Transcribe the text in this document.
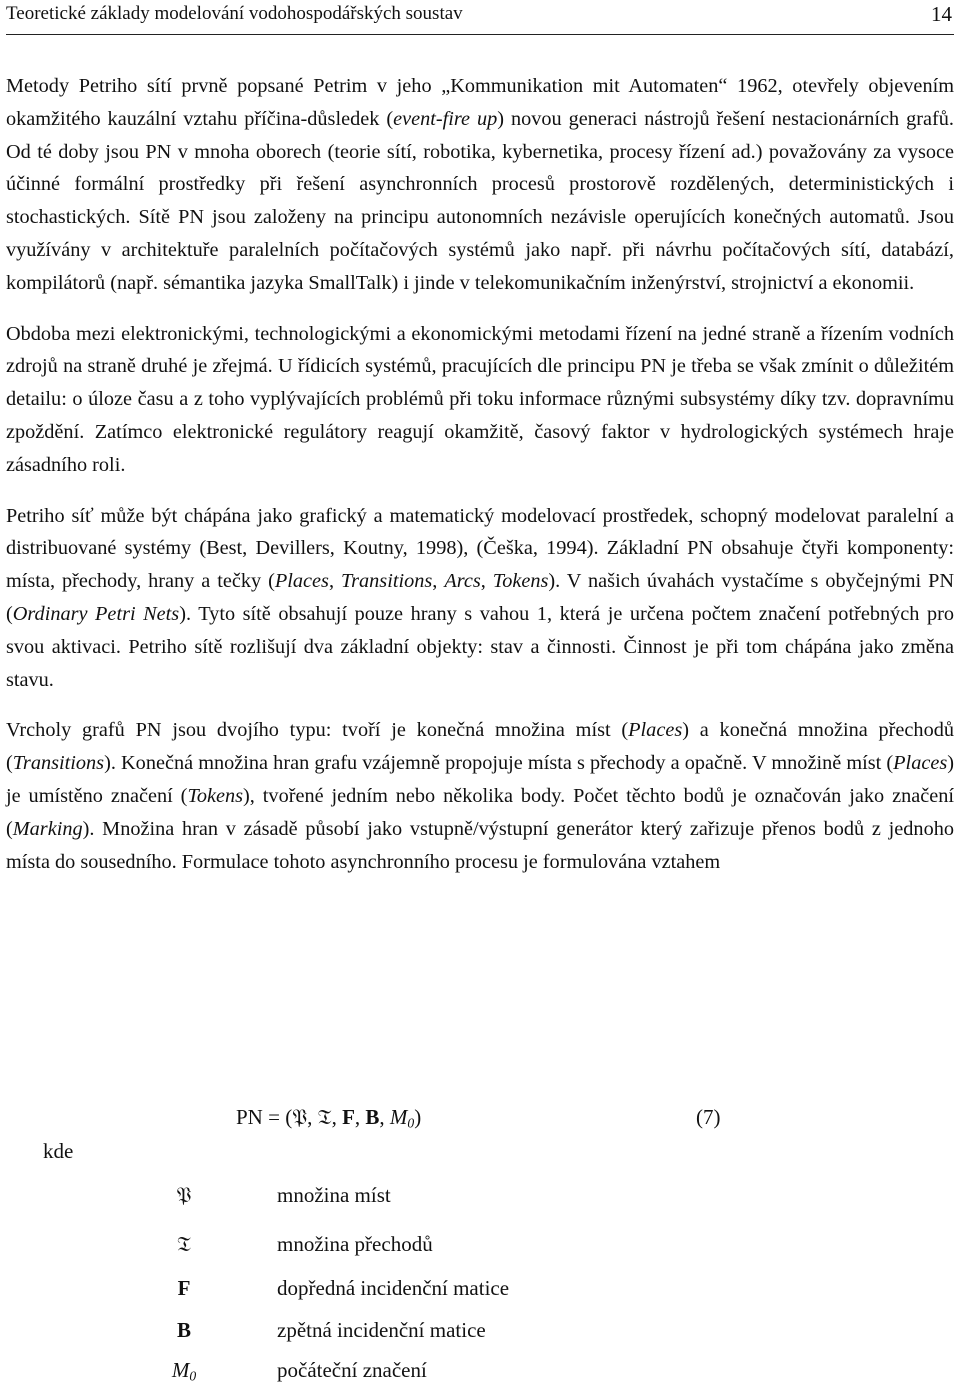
Teoretické základy modelování vodohospodářských soustav	14

Metody Petriho sítí prvně popsané Petrim v jeho „Kommunikation mit Automaten“ 1962, otevřely objevením okamžitého kauzální vztahu příčina-důsledek (event-fire up) novou generaci nástrojů řešení nestacionárních grafů. Od té doby jsou PN v mnoha oborech (teorie sítí, robotika, kybernetika, procesy řízení ad.) považovány za vysoce účinné formální prostředky při řešení asynchronních procesů prostorově rozdělených, deterministických i stochastických. Sítě PN jsou založeny na principu autonomních nezávisle operujících konečných automatů. Jsou využívány v architektuře paralelních počítačových systémů jako např. při návrhu počítačových sítí, databází, kompilátorů (např. sémantika jazyka SmallTalk) i jinde v telekomunikačním inženýrství, strojnictví a ekonomii.

Obdoba mezi elektronickými, technologickými a ekonomickými metodami řízení na jedné straně a řízením vodních zdrojů na straně druhé je zřejmá. U řídicích systémů, pracujících dle principu PN je třeba se však zmínit o důležitém detailu: o úloze času a z toho vyplývajících problémů při toku informace různými subsystémy díky tzv. dopravnímu zpoždění. Zatímco elektronické regulátory reagují okamžitě, časový faktor v hydrologických systémech hraje zásadního roli.

Petriho síť může být chápána jako grafický a matematický modelovací prostředek, schopný modelovat paralelní a distribuované systémy (Best, Devillers, Koutny, 1998), (Češka, 1994). Základní PN obsahuje čtyři komponenty: místa, přechody, hrany a tečky (Places, Transitions, Arcs, Tokens). V našich úvahách vystačíme s obyčejnými PN (Ordinary Petri Nets). Tyto sítě obsahují pouze hrany s vahou 1, která je určena počtem značení potřebných pro svou aktivaci. Petriho sítě rozlišují dva základní objekty: stav a činnosti. Činnost je při tom chápána jako změna stavu.

Vrcholy grafů PN jsou dvojího typu: tvoří je konečná množina míst (Places) a konečná množina přechodů (Transitions). Konečná množina hran grafu vzájemně propojuje místa s přechody a opačně. V množině míst (Places) je umístěno značení (Tokens), tvořené jedním nebo několika body. Počet těchto bodů je označován jako značení (Marking). Množina hran v zásadě působí jako vstupně/výstupní generátor který zařizuje přenos bodů z jednoho místa do sousedního. Formulace tohoto asynchronního procesu je formulována vztahem

PN = (𝔓, 𝔗, F, B, $M_0$)	(7)
kde
𝔓	množina míst
𝔗	množina přechodů
F	dopředná incidenční matice
B	zpětná incidenční matice
$M_0$	počáteční značení
